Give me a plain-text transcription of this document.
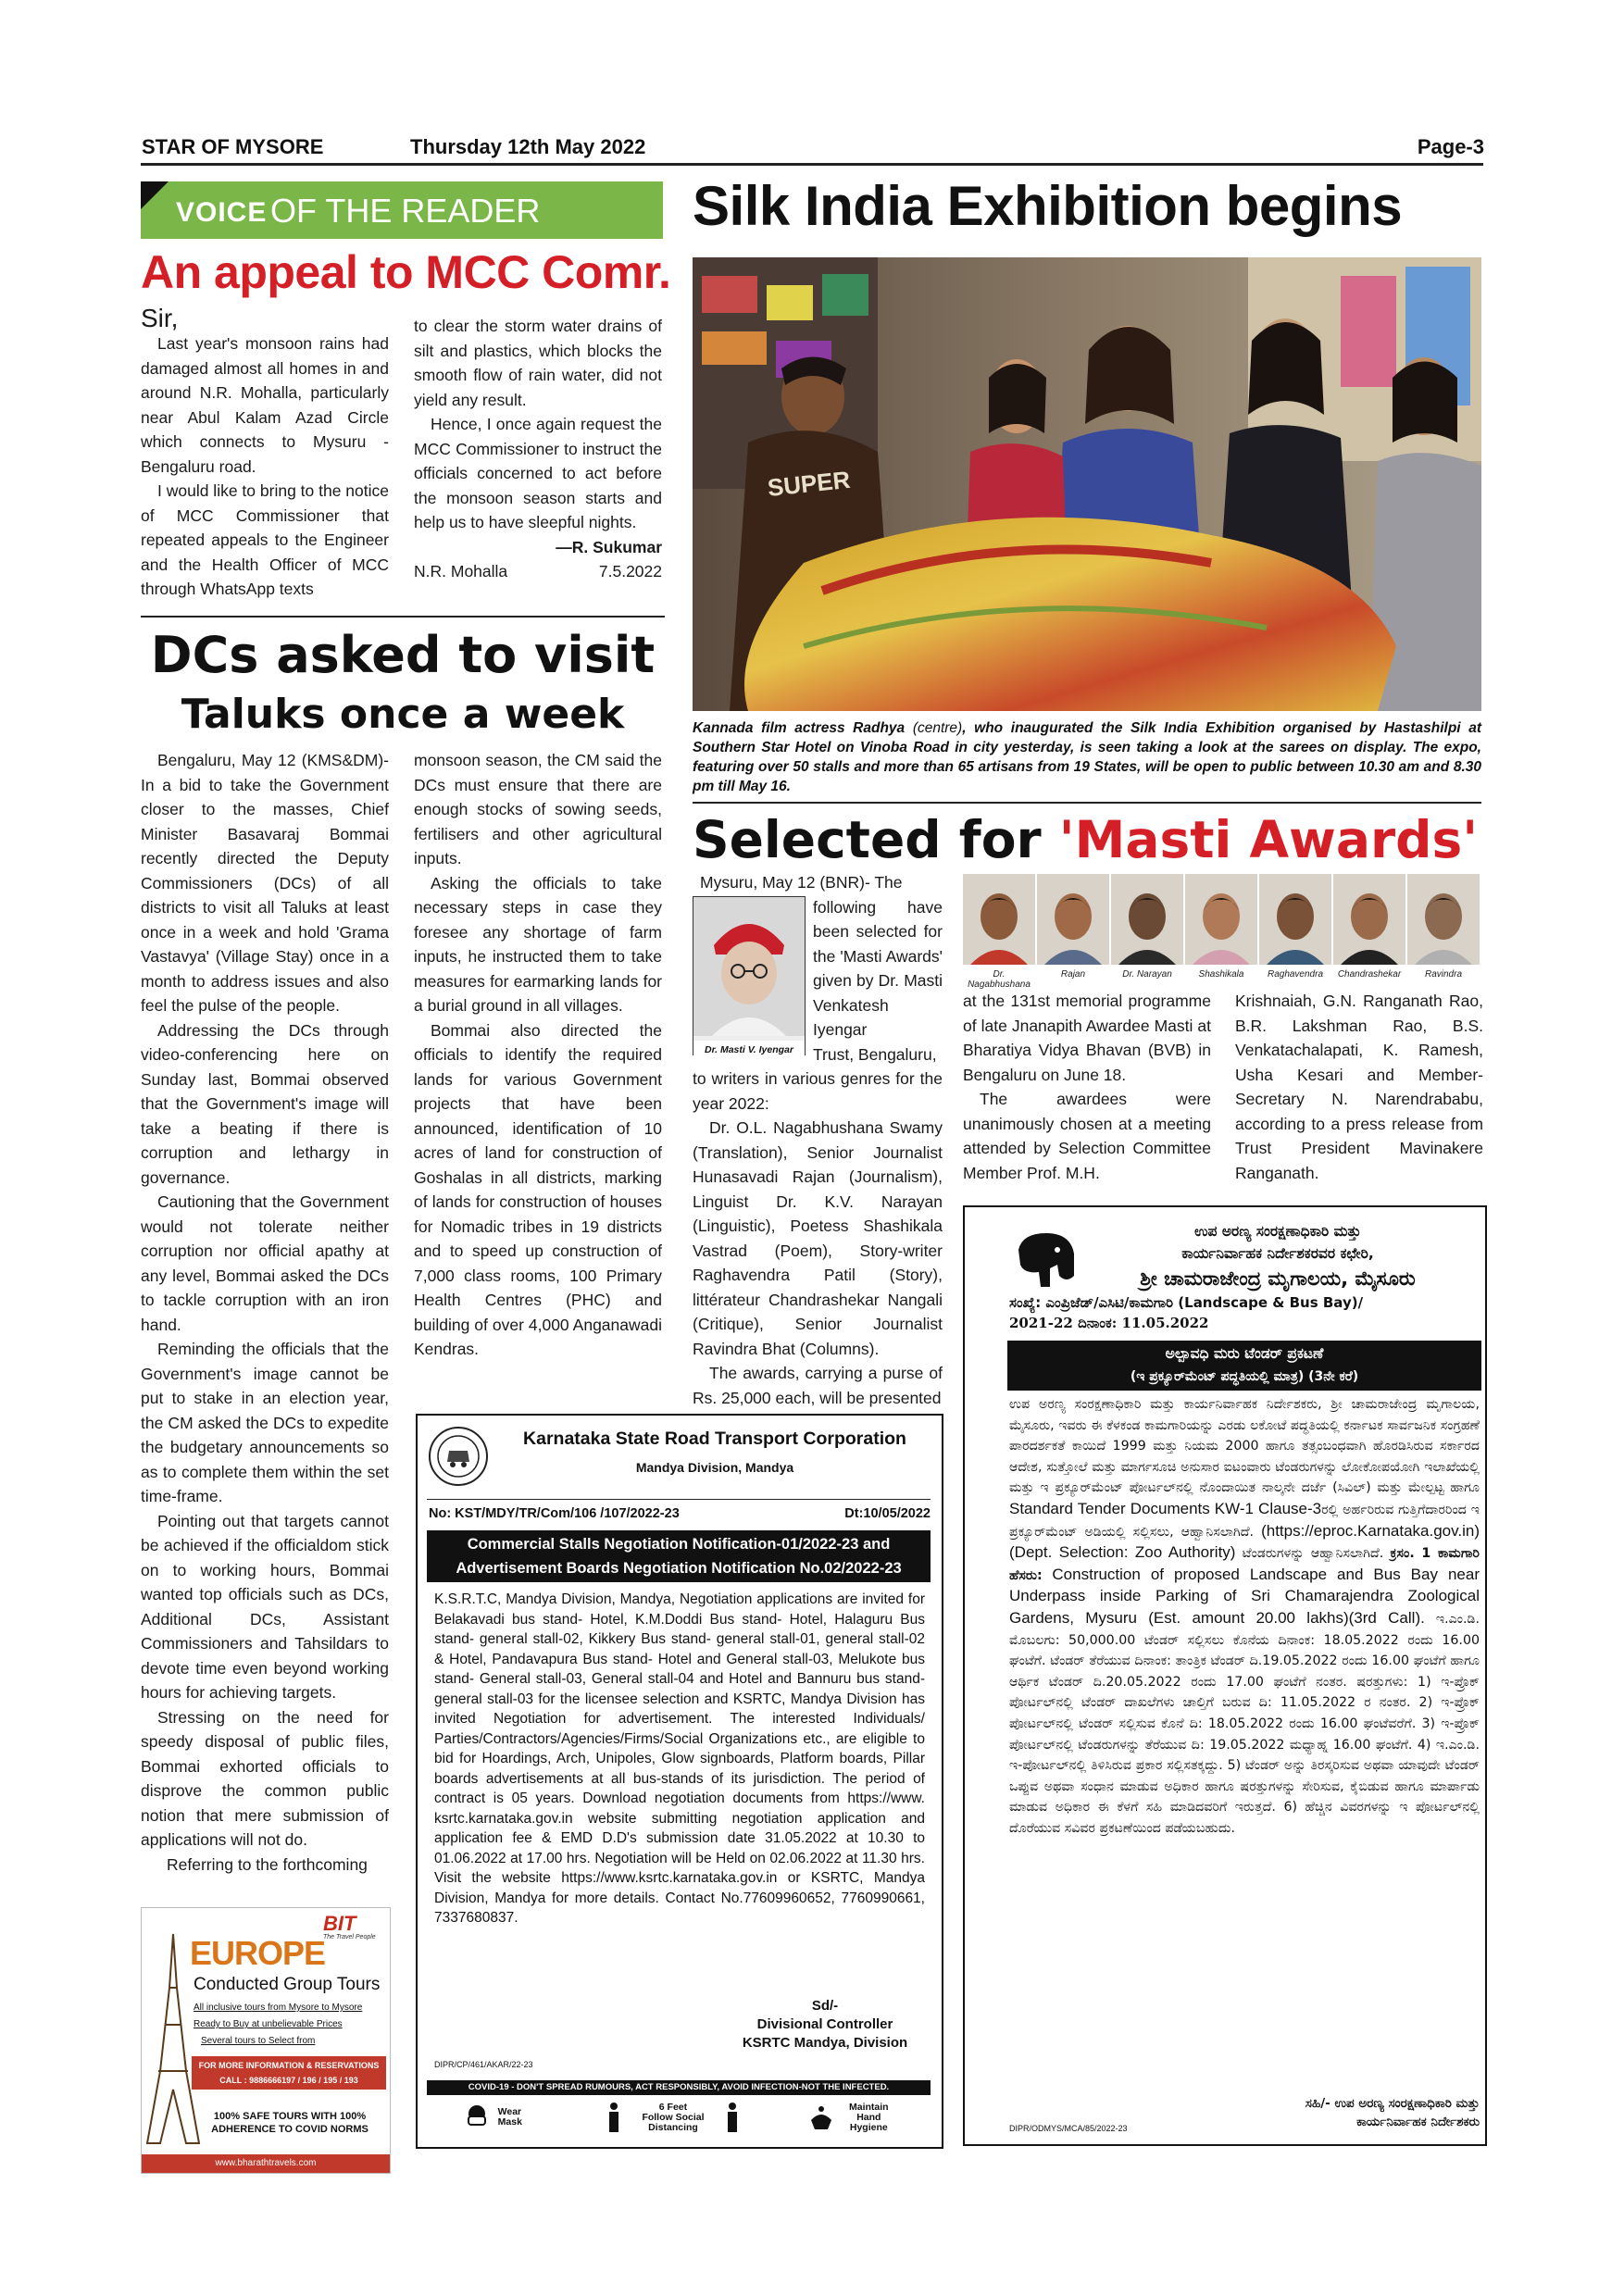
STAR OF MYSORE	Thursday 12th May 2022	Page-3
VOICE OF THE READER
An appeal to MCC Comr.

Sir,

Last year's monsoon rains had damaged almost all homes in and around N.R. Mohalla, particularly near Abul Kalam Azad Circle which connects to Mysuru - Bengaluru road.

I would like to bring to the notice of MCC Commissioner that repeated appeals to the Engineer and the Health Officer of MCC through WhatsApp texts

to clear the storm water drains of silt and plastics, which blocks the smooth flow of rain water, did not yield any result.

Hence, I once again request the MCC Commissioner to instruct the officials concerned to act before the monsoon season starts and help us to have sleepful nights.

—R. Sukumar

N.R. Mohalla	7.5.2022
DCs asked to visit
Taluks once a week

Bengaluru, May 12 (KMS&DM)- In a bid to take the Government closer to the masses, Chief Minister Basavaraj Bommai recently directed the Deputy Commissioners (DCs) of all districts to visit all Taluks at least once in a week and hold 'Grama Vastavya' (Village Stay) once in a month to address issues and also feel the pulse of the people.

Addressing the DCs through video-conferencing here on Sunday last, Bommai observed that the Government's image will take a beating if there is corruption and lethargy in governance.

Cautioning that the Government would not tolerate neither corruption nor official apathy at any level, Bommai asked the DCs to tackle corruption with an iron hand.

Reminding the officials that the Government's image cannot be put to stake in an election year, the CM asked the DCs to expedite the budgetary announcements so as to complete them within the set time-frame.

Pointing out that targets cannot be achieved if the officialdom stick on to working hours, Bommai wanted top officials such as DCs, Additional DCs, Assistant Commissioners and Tahsildars to devote time even beyond working hours for achieving targets.

Stressing on the need for speedy disposal of public files, Bommai exhorted officials to disprove the common public notion that mere submission of applications will not do.

Referring to the forthcoming

monsoon season, the CM said the DCs must ensure that there are enough stocks of sowing seeds, fertilisers and other agricultural inputs.

Asking the officials to take necessary steps in case they foresee any shortage of farm inputs, he instructed them to take measures for earmarking lands for a burial ground in all villages.

Bommai also directed the officials to identify the required lands for various Government projects that have been announced, identification of 10 acres of land for construction of Goshalas in all districts, marking of lands for construction of houses for Nomadic tribes in 19 districts and to speed up construction of 7,000 class rooms, 100 Primary Health Centres (PHC) and building of over 4,000 Anganawadi Kendras.

BIT
The Travel People
EUROPE
Conducted Group Tours
All inclusive tours from Mysore to Mysore
Ready to Buy at unbelievable Prices
Several tours to Select from
FOR MORE INFORMATION & RESERVATIONS
CALL : 9886666197 / 196 / 195 / 193
100% SAFE TOURS WITH 100%
ADHERENCE TO COVID NORMS
www.bharathtravels.com
Silk India Exhibition begins
SUPER
Kannada film actress Radhya (centre), who inaugurated the Silk India Exhibition organised by Hastashilpi at Southern Star Hotel on Vinoba Road in city yesterday, is seen taking a look at the sarees on display. The expo, featuring over 50 stalls and more than 65 artisans from 19 States, will be open to public between 10.30 am and 8.30 pm till May 16.
Selected for 'Masti Awards'
Dr. Masti V. Iyengar

Mysuru, May 12 (BNR)- The

following have been selected for the 'Masti Awards' given by Dr. Masti Venkatesh Iyengar

Trust, Bengaluru,

to writers in various genres for the year 2022:

Dr. O.L. Nagabhushana Swamy (Translation), Senior Journalist Hunasavadi Rajan (Journalism), Linguist Dr. K.V. Narayan (Linguistic), Poetess Shashikala Vastrad (Poem), Story-writer Raghavendra Patil (Story), littérateur Chandrashekar Nangali (Critique), Senior Journalist Ravindra Bhat (Columns).

The awards, carrying a purse of Rs. 25,000 each, will be presented

Dr. Nagabhushana
Rajan	Dr. Narayan	Shashikala	Raghavendra	Chandrashekar	Ravindra

at the 131st memorial programme of late Jnanapith Awardee Masti at Bharatiya Vidya Bhavan (BVB) in Bengaluru on June 18.

The awardees were unanimously chosen at a meeting attended by Selection Committee Member Prof. M.H.

Krishnaiah, G.N. Ranganath Rao, B.R. Lakshman Rao, B.S. Venkatachalapati, K. Ramesh, Usha Kesari and Member-Secretary N. Narendrababu, according to a press release from Trust President Mavinakere Ranganath.

Karnataka State Road Transport Corporation
Mandya Division, Mandya
No: KST/MDY/TR/Com/106 /107/2022-23	Dt:10/05/2022
Commercial Stalls Negotiation Notification-01/2022-23 and
Advertisement Boards Negotiation Notification No.02/2022-23
K.S.R.T.C, Mandya Division, Mandya, Negotiation applications are invited for Belakavadi bus stand- Hotel, K.M.Doddi Bus stand- Hotel, Halaguru Bus stand- general stall-02, Kikkery Bus stand- general stall-01, general stall-02 & Hotel, Pandavapura Bus stand- Hotel and General stall-03, Melukote bus stand- General stall-03, General stall-04 and Hotel and Bannuru bus stand- general stall-03 for the licensee selection and KSRTC, Mandya Division has invited Negotiation for advertisement. The interested Individuals/ Parties/Contractors/Agencies/Firms/Social Organizations etc., are eligible to bid for Hoardings, Arch, Unipoles, Glow signboards, Platform boards, Pillar boards advertisements at all bus-stands of its jurisdiction. The period of contract is 05 years. Download negotiation documents from https://www. ksrtc.karnataka.gov.in website submitting negotiation application and application fee & EMD D.D's submission date 31.05.2022 at 10.30 to 01.06.2022 at 17.00 hrs. Negotiation will be Held on 02.06.2022 at 11.30 hrs. Visit the website https://www.ksrtc.karnataka.gov.in or KSRTC, Mandya Division, Mandya for more details. Contact No.77609960652, 7760990661, 7337680837.
Sd/-
Divisional Controller
KSRTC Mandya, Division
DIPR/CP/461/AKAR/22-23
COVID-19 - DON'T SPREAD RUMOURS, ACT RESPONSIBLY, AVOID INFECTION-NOT THE INFECTED.
Wear Mask
6 Feet
Follow Social Distancing
Maintain Hand Hygiene
ಉಪ ಅರಣ್ಯ ಸಂರಕ್ಷಣಾಧಿಕಾರಿ ಮತ್ತು
ಕಾರ್ಯನಿರ್ವಾಹಕ ನಿರ್ದೇಶಕರವರ ಕಛೇರಿ,
ಶ್ರೀ ಚಾಮರಾಜೇಂದ್ರ ಮೃಗಾಲಯ, ಮೈಸೂರು
ಸಂಖ್ಯೆ: ಎಂಪ್ರಿಜೆಡ್/ಎಸಿಟಿ/ಕಾಮಗಾರಿ (Landscape & Bus Bay)/
2021-22 ದಿನಾಂಕ: 11.05.2022
ಅಲ್ಪಾವಧಿ ಮರು ಟೆಂಡರ್ ಪ್ರಕಟಣೆ
(ಇ ಪ್ರಕ್ಯೂರ್‌ಮೆಂಟ್ ಪದ್ಧತಿಯಲ್ಲಿ ಮಾತ್ರ) (3ನೇ ಕರೆ)
ಉಪ ಅರಣ್ಯ ಸಂರಕ್ಷಣಾಧಿಕಾರಿ ಮತ್ತು ಕಾರ್ಯನಿರ್ವಾಹಕ ನಿರ್ದೇಶಕರು, ಶ್ರೀ ಚಾಮರಾಜೇಂದ್ರ ಮೃಗಾಲಯ, ಮೈಸೂರು, ಇವರು ಈ ಕೆಳಕಂಡ ಕಾಮಗಾರಿಯನ್ನು ಎರಡು ಲಕೋಟೆ ಪದ್ಧತಿಯಲ್ಲಿ ಕರ್ನಾಟಕ ಸಾರ್ವಜನಿಕ ಸಂಗ್ರಹಣೆ ಪಾರದರ್ಶಕತೆ ಕಾಯಿದೆ 1999 ಮತ್ತು ನಿಯಮ 2000 ಹಾಗೂ ತತ್ಸಂಬಂಧವಾಗಿ ಹೊರಡಿಸಿರುವ ಸರ್ಕಾರದ ಆದೇಶ, ಸುತ್ತೋಲೆ ಮತ್ತು ಮಾರ್ಗಸೂಚಿ ಅನುಸಾರ ಐಟಂವಾರು ಟೆಂಡರುಗಳನ್ನು ಲೋಕೋಪಯೋಗಿ ಇಲಾಖೆಯಲ್ಲಿ ಮತ್ತು ಇ ಪ್ರಕ್ಯೂರ್‌ಮೆಂಟ್ ಪೋರ್ಟಲ್‌ನಲ್ಲಿ ನೊಂದಾಯಿತ ನಾಲ್ಕನೇ ದರ್ಜೆ (ಸಿವಿಲ್) ಮತ್ತು ಮೇಲ್ಪಟ್ಟ ಹಾಗೂ Standard Tender Documents KW-1 Clause-3ರಲ್ಲಿ ಅರ್ಹರಿರುವ ಗುತ್ತಿಗೆದಾರರಿಂದ ಇ ಪ್ರಕ್ಯೂರ್‌ಮೆಂಟ್ ಅಡಿಯಲ್ಲಿ ಸಲ್ಲಿಸಲು, ಆಹ್ವಾನಿಸಲಾಗಿದೆ. (https://eproc.Karnataka.gov.in) (Dept. Selection: Zoo Authority) ಟೆಂಡರುಗಳನ್ನು ಆಹ್ವಾನಿಸಲಾಗಿದೆ. ಕ್ರಸಂ. 1 ಕಾಮಗಾರಿ ಹೆಸರು: Construction of proposed Landscape and Bus Bay near Underpass inside Parking of Sri Chamarajendra Zoological Gardens, Mysuru (Est. amount 20.00 lakhs)(3rd Call). ಇ.ಎಂ.ಡಿ. ಮೊಬಲಗು: 50,000.00 ಟೆಂಡರ್ ಸಲ್ಲಿಸಲು ಕೊನೆಯ ದಿನಾಂಕ: 18.05.2022 ರಂದು 16.00 ಘಂಟೆಗೆ. ಟೆಂಡರ್ ತೆರೆಯುವ ದಿನಾಂಕ: ತಾಂತ್ರಿಕ ಟೆಂಡರ್ ದಿ.19.05.2022 ರಂದು 16.00 ಘಂಟೆಗೆ ಹಾಗೂ ಆರ್ಥಿಕ ಟೆಂಡರ್ ದಿ.20.05.2022 ರಂದು 17.00 ಘಂಟೆಗೆ ನಂತರ. ಷರತ್ತುಗಳು: 1) ಇ-ಪ್ರೊಕ್ ಪೋರ್ಟಲ್‌ನಲ್ಲಿ ಟೆಂಡರ್ ದಾಖಲೆಗಳು ಚಾಲ್ತಿಗೆ ಬರುವ ದಿ: 11.05.2022 ರ ನಂತರ. 2) ಇ-ಪ್ರೊಕ್ ಪೋರ್ಟಲ್‌ನಲ್ಲಿ ಟೆಂಡರ್ ಸಲ್ಲಿಸುವ ಕೊನೆ ದಿ: 18.05.2022 ರಂದು 16.00 ಘಂಟೆವರೆಗೆ. 3) ಇ-ಪ್ರೊಕ್ ಪೋರ್ಟಲ್‌ನಲ್ಲಿ ಟೆಂಡರುಗಳನ್ನು ತೆರೆಯುವ ದಿ: 19.05.2022 ಮಧ್ಯಾಹ್ನ 16.00 ಘಂಟೆಗೆ. 4) ಇ.ಎಂ.ಡಿ. ಇ-ಪೋರ್ಟಲ್‌ನಲ್ಲಿ ತಿಳಿಸಿರುವ ಪ್ರಕಾರ ಸಲ್ಲಿಸತಕ್ಕದ್ದು. 5) ಟೆಂಡರ್ ಅನ್ನು ತಿರಸ್ಕರಿಸುವ ಅಥವಾ ಯಾವುದೇ ಟೆಂಡರ್ ಒಪ್ಪುವ ಅಥವಾ ಸಂಧಾನ ಮಾಡುವ ಅಧಿಕಾರ ಹಾಗೂ ಷರತ್ತುಗಳನ್ನು ಸೇರಿಸುವ, ಕೈಬಿಡುವ ಹಾಗೂ ಮಾರ್ಪಾಡು ಮಾಡುವ ಅಧಿಕಾರ ಈ ಕೆಳಗೆ ಸಹಿ ಮಾಡಿದವರಿಗೆ ಇರುತ್ತದೆ. 6) ಹೆಚ್ಚಿನ ವಿವರಗಳನ್ನು ಇ ಪೋರ್ಟಲ್‌ನಲ್ಲಿ ದೊರೆಯುವ ಸವಿವರ ಪ್ರಕಟಣೆಯಿಂದ ಪಡೆಯಬಹುದು.
ಸಹಿ/- ಉಪ ಅರಣ್ಯ ಸಂರಕ್ಷಣಾಧಿಕಾರಿ ಮತ್ತು
ಕಾರ್ಯನಿರ್ವಾಹಕ ನಿರ್ದೇಶಕರು
DIPR/ODMYS/MCA/85/2022-23
